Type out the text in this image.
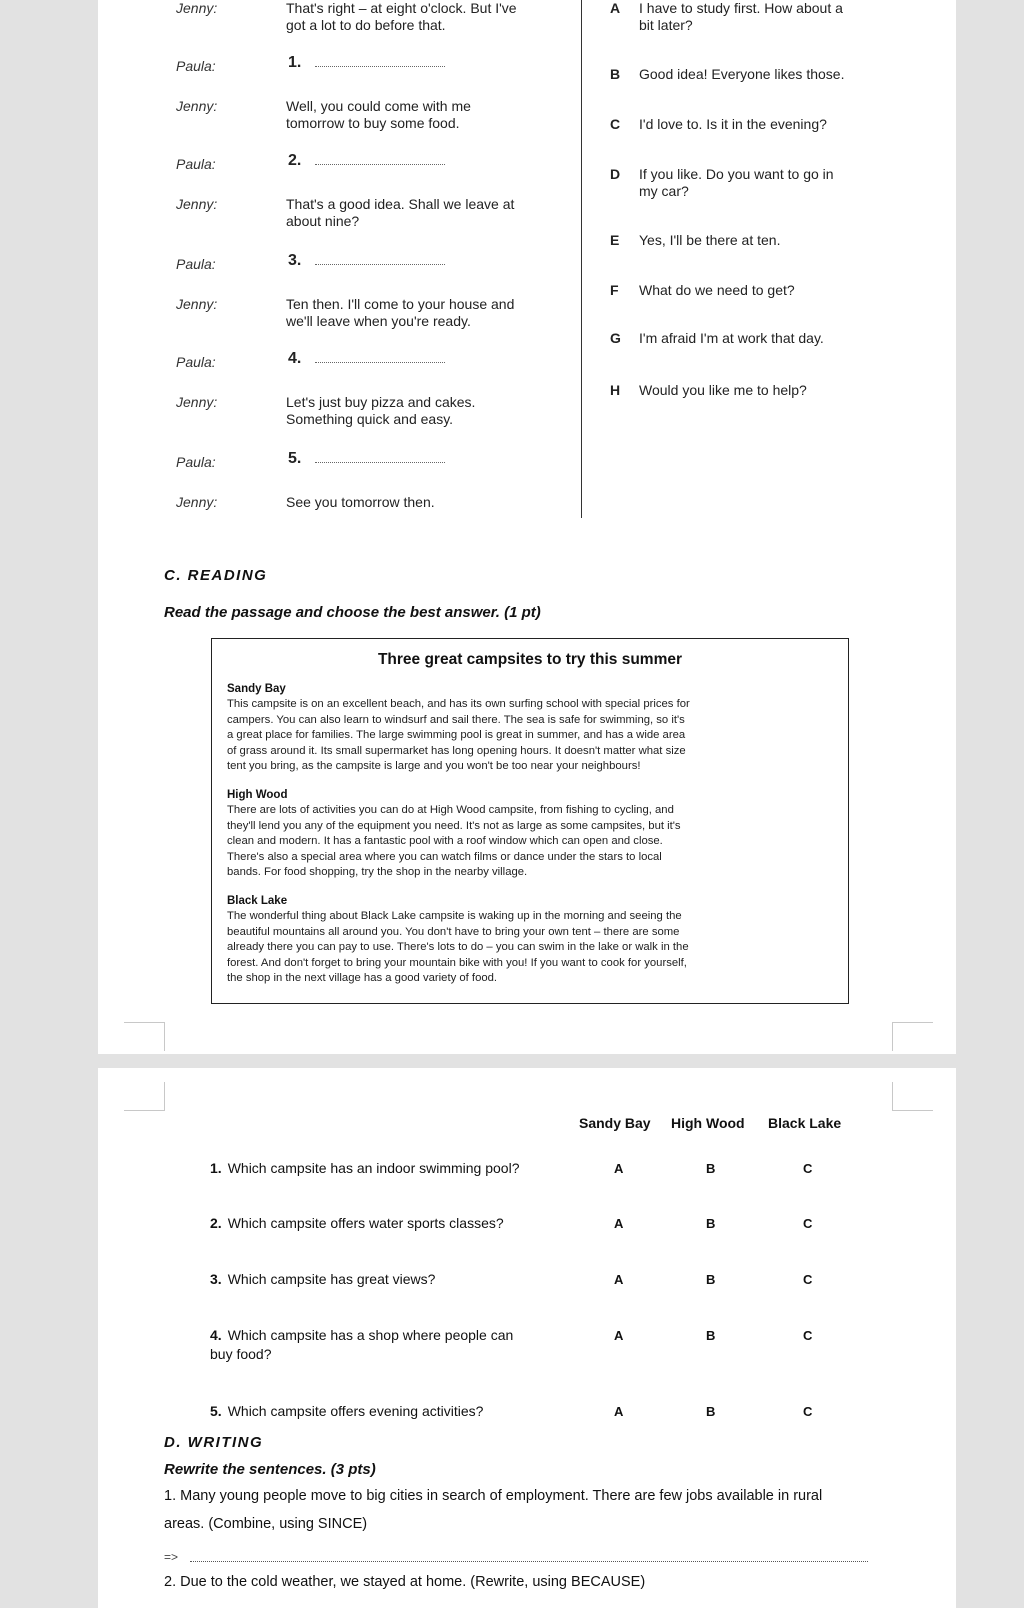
Jenny:	That's right – at eight o'clock. But I've
got a lot to do before that.
Paula:	1.
Jenny:	Well, you could come with me
tomorrow to buy some food.
Paula:	2.
Jenny:	That's a good idea. Shall we leave at
about nine?
Paula:	3.
Jenny:	Ten then. I'll come to your house and
we'll leave when you're ready.
Paula:	4.
Jenny:	Let's just buy pizza and cakes.
Something quick and easy.
Paula:	5.
Jenny:	See you tomorrow then.
A I have to study first. How about a
bit later?
B Good idea! Everyone likes those.
C I'd love to. Is it in the evening?
D If you like. Do you want to go in
my car?
E Yes, I'll be there at ten.
F What do we need to get?
G I'm afraid I'm at work that day.
H Would you like me to help?
C. READING
Read the passage and choose the best answer. (1 pt)
Three great campsites to try this summer
Sandy Bay
This campsite is on an excellent beach, and has its own surfing school with special prices for
campers. You can also learn to windsurf and sail there. The sea is safe for swimming, so it's
a great place for families. The large swimming pool is great in summer, and has a wide area
of grass around it. Its small supermarket has long opening hours. It doesn't matter what size
tent you bring, as the campsite is large and you won't be too near your neighbours!
High Wood
There are lots of activities you can do at High Wood campsite, from fishing to cycling, and
they'll lend you any of the equipment you need. It's not as large as some campsites, but it's
clean and modern. It has a fantastic pool with a roof window which can open and close.
There's also a special area where you can watch films or dance under the stars to local
bands. For food shopping, try the shop in the nearby village.
Black Lake
The wonderful thing about Black Lake campsite is waking up in the morning and seeing the
beautiful mountains all around you. You don't have to bring your own tent – there are some
already there you can pay to use. There's lots to do – you can swim in the lake or walk in the
forest. And don't forget to bring your mountain bike with you! If you want to cook for yourself,
the shop in the next village has a good variety of food.
Sandy Bay High Wood Black Lake
1. Which campsite has an indoor swimming pool?	A	B	C
2. Which campsite offers water sports classes?	A	B	C
3. Which campsite has great views?	A	B	C
4. Which campsite has a shop where people can
buy food?
A	B	C
5. Which campsite offers evening activities?	A	B	C
D. WRITING
Rewrite the sentences. (3 pts)
1. Many young people move to big cities in search of employment. There are few jobs available in rural
areas. (Combine, using SINCE)
=>
2. Due to the cold weather, we stayed at home. (Rewrite, using BECAUSE)
